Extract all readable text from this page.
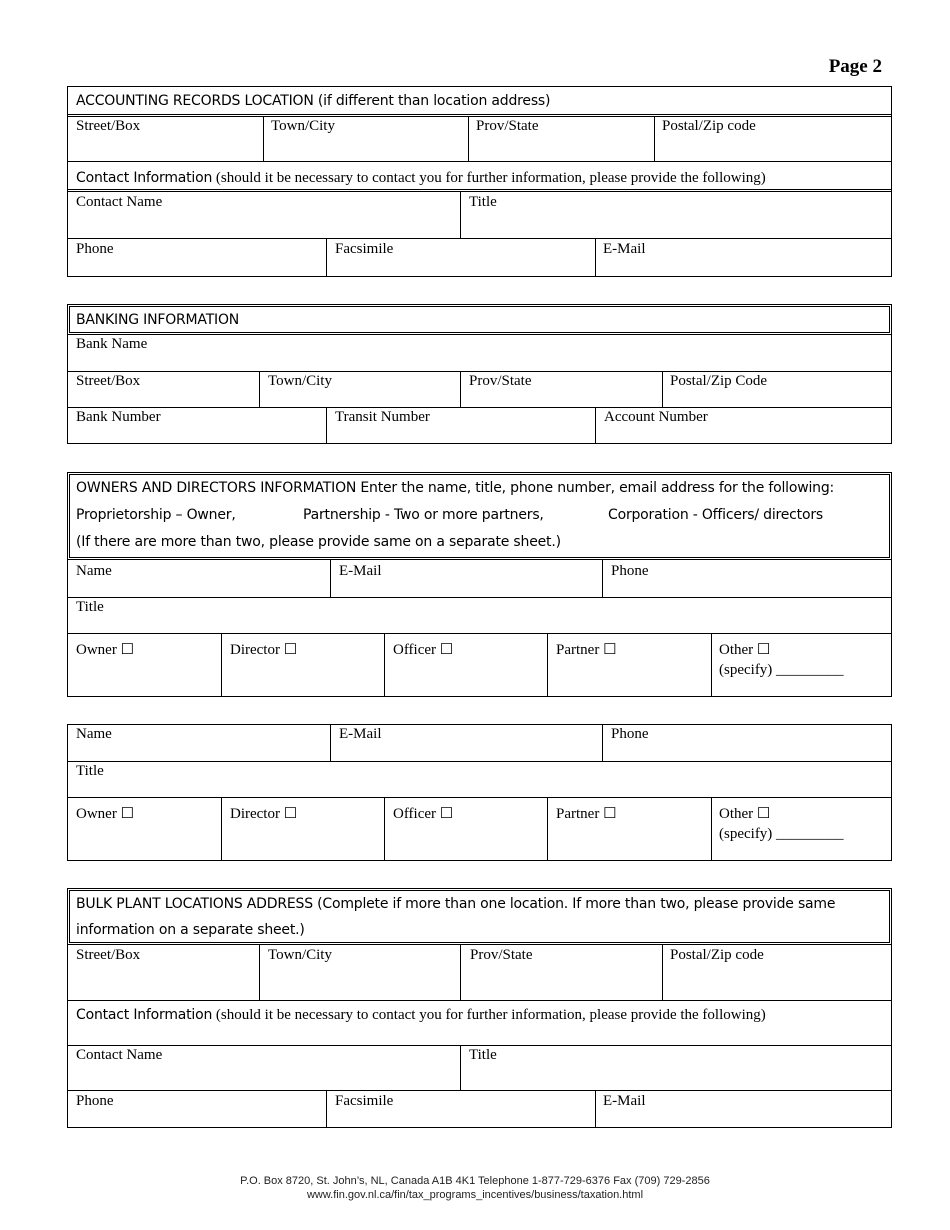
Page 2
ACCOUNTING RECORDS LOCATION (if different than location address)
Street/Box	Town/City	Prov/State	Postal/Zip code
Contact Information (should it be necessary to contact you for further information, please provide the following)
Contact Name	Title
Phone	Facsimile	E-Mail
BANKING INFORMATION
Bank Name
Street/Box	Town/City	Prov/State	Postal/Zip Code
Bank Number	Transit Number	Account Number
OWNERS AND DIRECTORS INFORMATION Enter the name, title, phone number, email address for the following:
Proprietorship – Owner,	Partnership - Two or more partners,	Corporation - Officers/ directors
(If there are more than two, please provide same on a separate sheet.)
Name	E-Mail	Phone
Title
Owner ☐	Director ☐	Officer ☐	Partner ☐	Other ☐
(specify) _________
Name	E-Mail	Phone
Title
Owner ☐	Director ☐	Officer ☐	Partner ☐	Other ☐
(specify) _________
BULK PLANT LOCATIONS ADDRESS (Complete if more than one location. If more than two, please provide same
information on a separate sheet.)
Street/Box	Town/City	Prov/State	Postal/Zip code
Contact Information (should it be necessary to contact you for further information, please provide the following)
Contact Name	Title
Phone	Facsimile	E-Mail
P.O. Box 8720, St. John’s, NL, Canada A1B 4K1 Telephone 1-877-729-6376 Fax (709) 729-2856
www.fin.gov.nl.ca/fin/tax_programs_incentives/business/taxation.html
